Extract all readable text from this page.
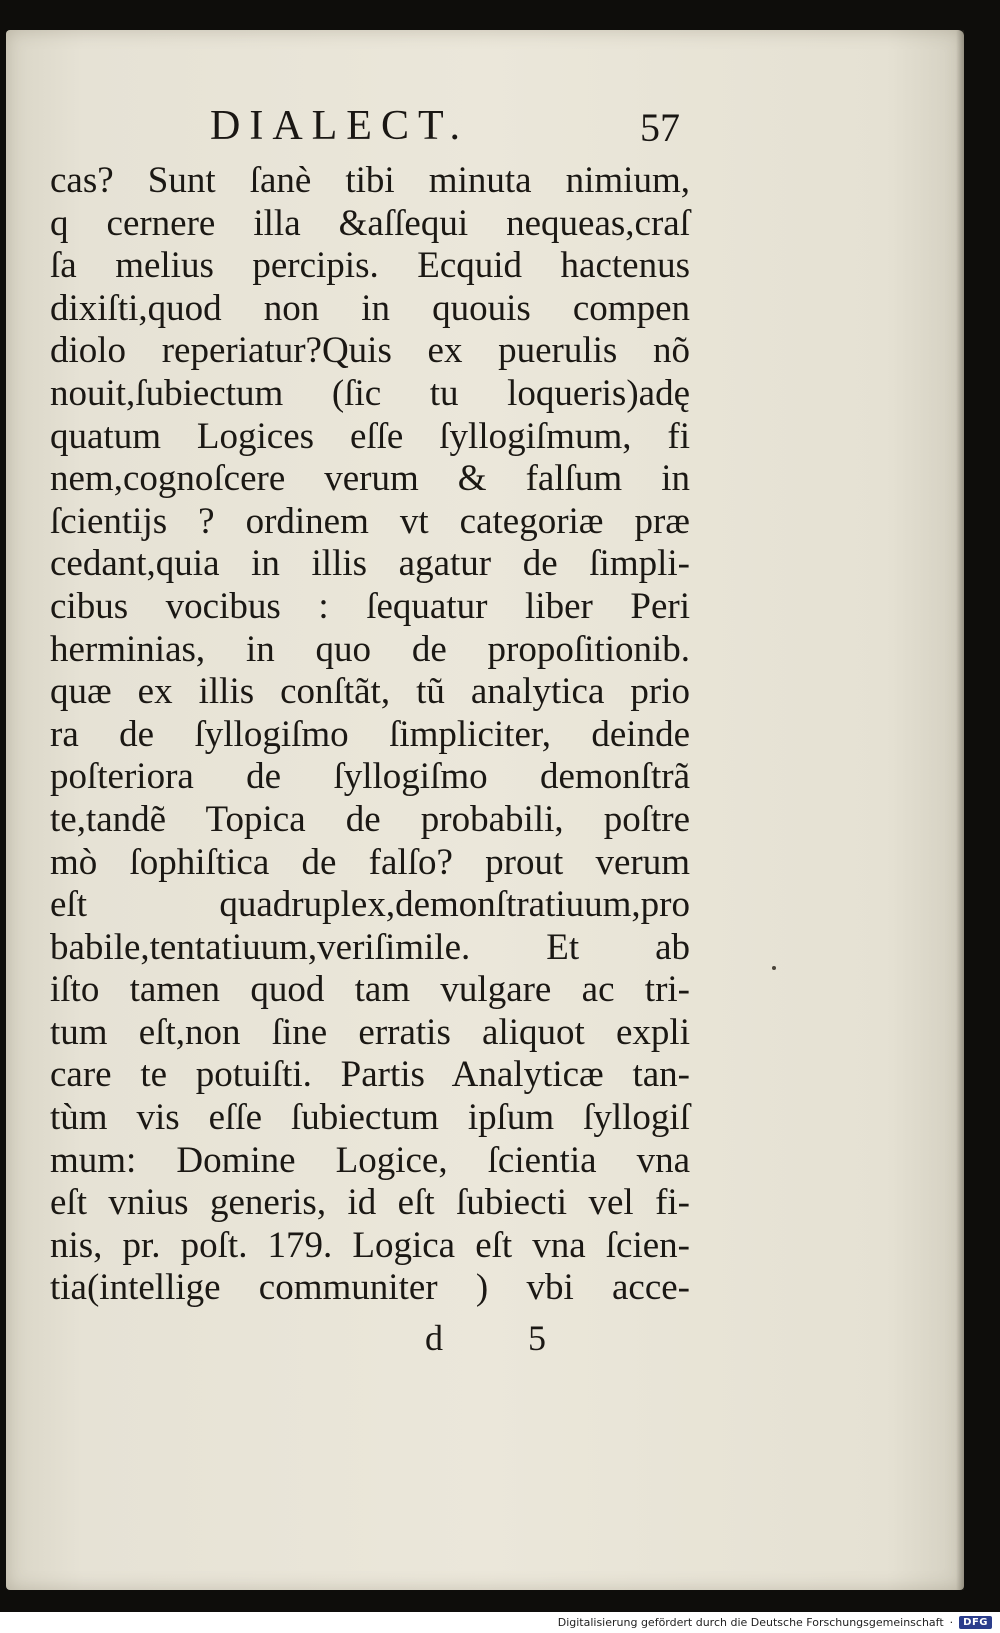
DIALECT.	57
cas? Sunt ſanè tibi minuta nimium,
q cernere illa &aſſequi nequeas,craſ
ſa melius percipis. Ecquid hactenus
dixiſti,quod non in quouis compen
diolo reperiatur?Quis ex puerulis nõ
nouit,ſubiectum (ſic tu loqueris)adę
quatum Logices eſſe ſyllogiſmum, fi
nem,cognoſcere verum & falſum in
ſcientijs ? ordinem vt categoriæ præ
cedant,quia in illis agatur de ſimpli-
cibus vocibus : ſequatur liber Peri
herminias, in quo de propoſitionib.
quæ ex illis conſtãt, tũ analytica prio
ra de ſyllogiſmo ſimpliciter, deinde
poſteriora de ſyllogiſmo demonſtrã
te,tandẽ Topica de probabili, poſtre
mò ſophiſtica de falſo? prout verum
eſt quadruplex,demonſtratiuum,pro
babile,tentatiuum,veriſimile. Et ab
iſto tamen quod tam vulgare ac tri-
tum eſt,non ſine erratis aliquot expli
care te potuiſti. Partis Analyticæ tan-
tùm vis eſſe ſubiectum ipſum ſyllogiſ
mum: Domine Logice, ſcientia vna
eſt vnius generis, id eſt ſubiecti vel fi-
nis, pr. poſt. 179. Logica eſt vna ſcien-
tia(intellige communiter ) vbi acce-
d 5
Digitalisierung gefördert durch die Deutsche Forschungsgemeinschaft ·	DFG
